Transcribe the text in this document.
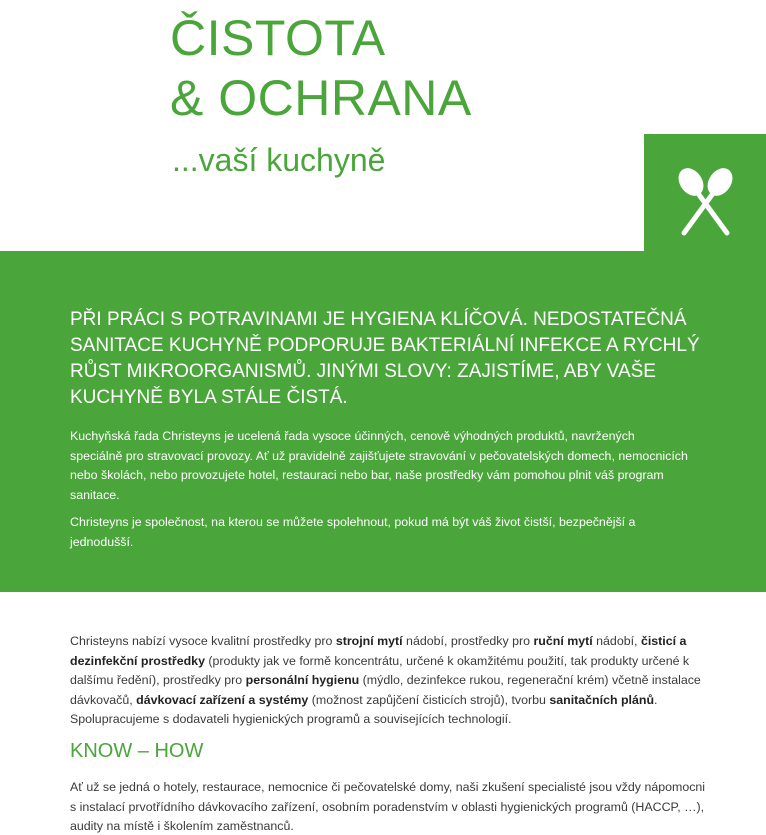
ČISTOTA
& OCHRANA
...vaší kuchyně

PŘI PRÁCI S POTRAVINAMI JE HYGIENA KLÍČOVÁ. NEDOSTATEČNÁ SANITACE KUCHYNĚ PODPORUJE BAKTERIÁLNÍ INFEKCE A RYCHLÝ RŮST MIKROORGANISMŮ. JINÝMI SLOVY: ZAJISTÍME, ABY VAŠE KUCHYNĚ BYLA STÁLE ČISTÁ.

Kuchyňská řada Christeyns je ucelená řada vysoce účinných, cenově výhodných produktů, navržených speciálně pro stravovací provozy. Ať už pravidelně zajišťujete stravování v pečovatelských domech, nemocnicích nebo školách, nebo provozujete hotel, restauraci nebo bar, naše prostředky vám pomohou plnit váš program sanitace.

Christeyns je společnost, na kterou se můžete spolehnout, pokud má být váš život čistší, bezpečnější a jednodušší.

Christeyns nabízí vysoce kvalitní prostředky pro strojní mytí nádobí, prostředky pro ruční mytí nádobí, čisticí a dezinfekční prostředky (produkty jak ve formě koncentrátu, určené k okamžitému použití, tak produkty určené k dalšímu ředění), prostředky pro personální hygienu (mýdlo, dezinfekce rukou, regenerační krém) včetně instalace dávkovačů, dávkovací zařízení a systémy (možnost zapůjčení čisticích strojů), tvorbu sanitačních plánů. Spolupracujeme s dodavateli hygienických programů a souvisejících technologií.

KNOW – HOW

Ať už se jedná o hotely, restaurace, nemocnice či pečovatelské domy, naši zkušení specialisté jsou vždy nápomocni s instalací prvotřídního dávkovacího zařízení, osobním poradenstvím v oblasti hygienických programů (HACCP, …), audity na místě i školením zaměstnanců.
